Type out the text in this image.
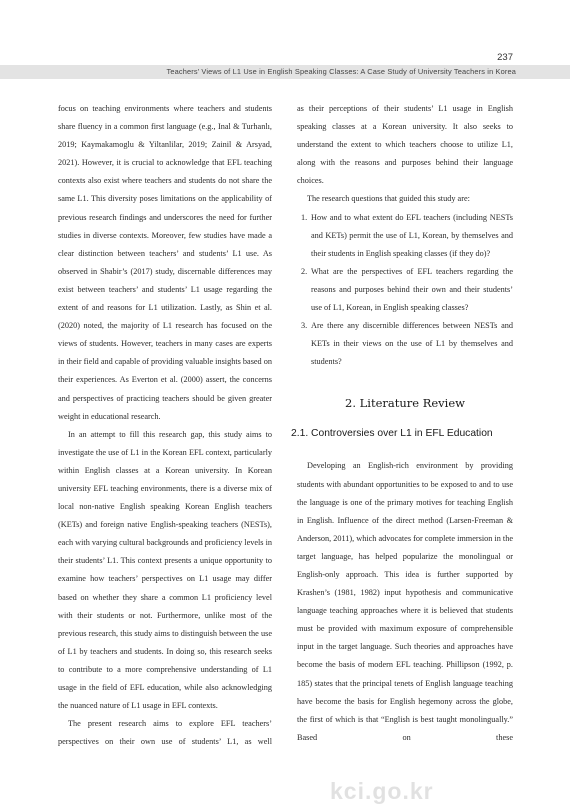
237
Teachers’ Views of L1 Use in English Speaking Classes: A Case Study of University Teachers in Korea

focus on teaching environments where teachers and students share fluency in a common first language (e.g., Inal & Turhanlı, 2019; Kaymakamoglu & Yiltanlilar, 2019; Zainil & Arsyad, 2021). However, it is crucial to acknowledge that EFL teaching contexts also exist where teachers and students do not share the same L1. This diversity poses limitations on the applicability of previous research findings and underscores the need for further studies in diverse contexts. Moreover, few studies have made a clear distinction between teachers’ and students’ L1 use. As observed in Shabir’s (2017) study, discernable differences may exist between teachers’ and students’ L1 usage regarding the extent of and reasons for L1 utilization. Lastly, as Shin et al. (2020) noted, the majority of L1 research has focused on the views of students. However, teachers in many cases are experts in their field and capable of providing valuable insights based on their experiences. As Everton et al. (2000) assert, the concerns and perspectives of practicing teachers should be given greater weight in educational research.

In an attempt to fill this research gap, this study aims to investigate the use of L1 in the Korean EFL context, particularly within English classes at a Korean university. In Korean university EFL teaching environments, there is a diverse mix of local non-native English speaking Korean English teachers (KETs) and foreign native English-speaking teachers (NESTs), each with varying cultural backgrounds and proficiency levels in their students’ L1. This context presents a unique opportunity to examine how teachers’ perspectives on L1 usage may differ based on whether they share a common L1 proficiency level with their students or not. Furthermore, unlike most of the previous research, this study aims to distinguish between the use of L1 by teachers and students. In doing so, this research seeks to contribute to a more comprehensive understanding of L1 usage in the field of EFL education, while also acknowledging the nuanced nature of L1 usage in EFL contexts.

The present research aims to explore EFL teachers’ perspectives on their own use of students’ L1, as well

as their perceptions of their students’ L1 usage in English speaking classes at a Korean university. It also seeks to understand the extent to which teachers choose to utilize L1, along with the reasons and purposes behind their language choices.

The research questions that guided this study are:

1. How and to what extent do EFL teachers (including NESTs and KETs) permit the use of L1, Korean, by themselves and their students in English speaking classes (if they do)?
2. What are the perspectives of EFL teachers regarding the reasons and purposes behind their own and their students’ use of L1, Korean, in English speaking classes?
3. Are there any discernible differences between NESTs and KETs in their views on the use of L1 by themselves and students?
2. Literature Review
2.1. Controversies over L1 in EFL Education

Developing an English-rich environment by providing students with abundant opportunities to be exposed to and to use the language is one of the primary motives for teaching English in English. Influence of the direct method (Larsen-Freeman & Anderson, 2011), which advocates for complete immersion in the target language, has helped popularize the monolingual or English-only approach. This idea is further supported by Krashen’s (1981, 1982) input hypothesis and communicative language teaching approaches where it is believed that students must be provided with maximum exposure of comprehensible input in the target language. Such theories and approaches have become the basis of modern EFL teaching. Phillipson (1992, p. 185) states that the principal tenets of English language teaching have become the basis for English hegemony across the globe, the first of which is that “English is best taught monolingually.” Based on these

kci.go.kr
